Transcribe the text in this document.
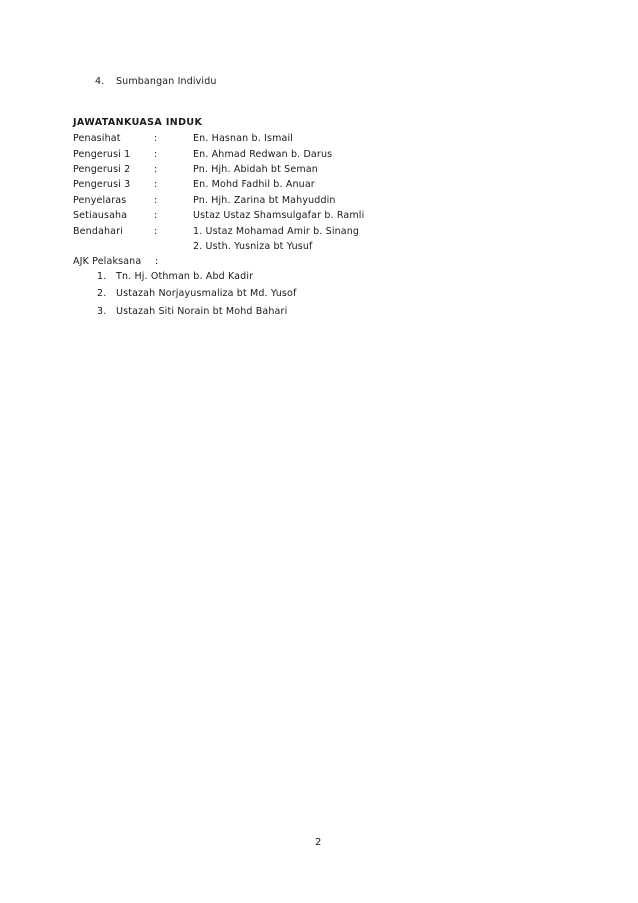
4. Sumbangan Individu
JAWATANKUASA INDUK
Penasihat	:	En. Hasnan b. Ismail
Pengerusi 1 :	En. Ahmad Redwan b. Darus
Pengerusi 2 :	Pn. Hjh. Abidah bt Seman
Pengerusi 3 :	En. Mohd Fadhil b. Anuar
Penyelaras	:	Pn. Hjh. Zarina bt Mahyuddin
Setiausaha	:	Ustaz Ustaz Shamsulgafar b. Ramli
Bendahari	:	1. Ustaz Mohamad Amir b. Sinang
2. Usth. Yusniza bt Yusuf
AJK Pelaksana :
1. Tn. Hj. Othman b. Abd Kadir
2. Ustazah Norjayusmaliza bt Md. Yusof
3. Ustazah Siti Norain bt Mohd Bahari
2
